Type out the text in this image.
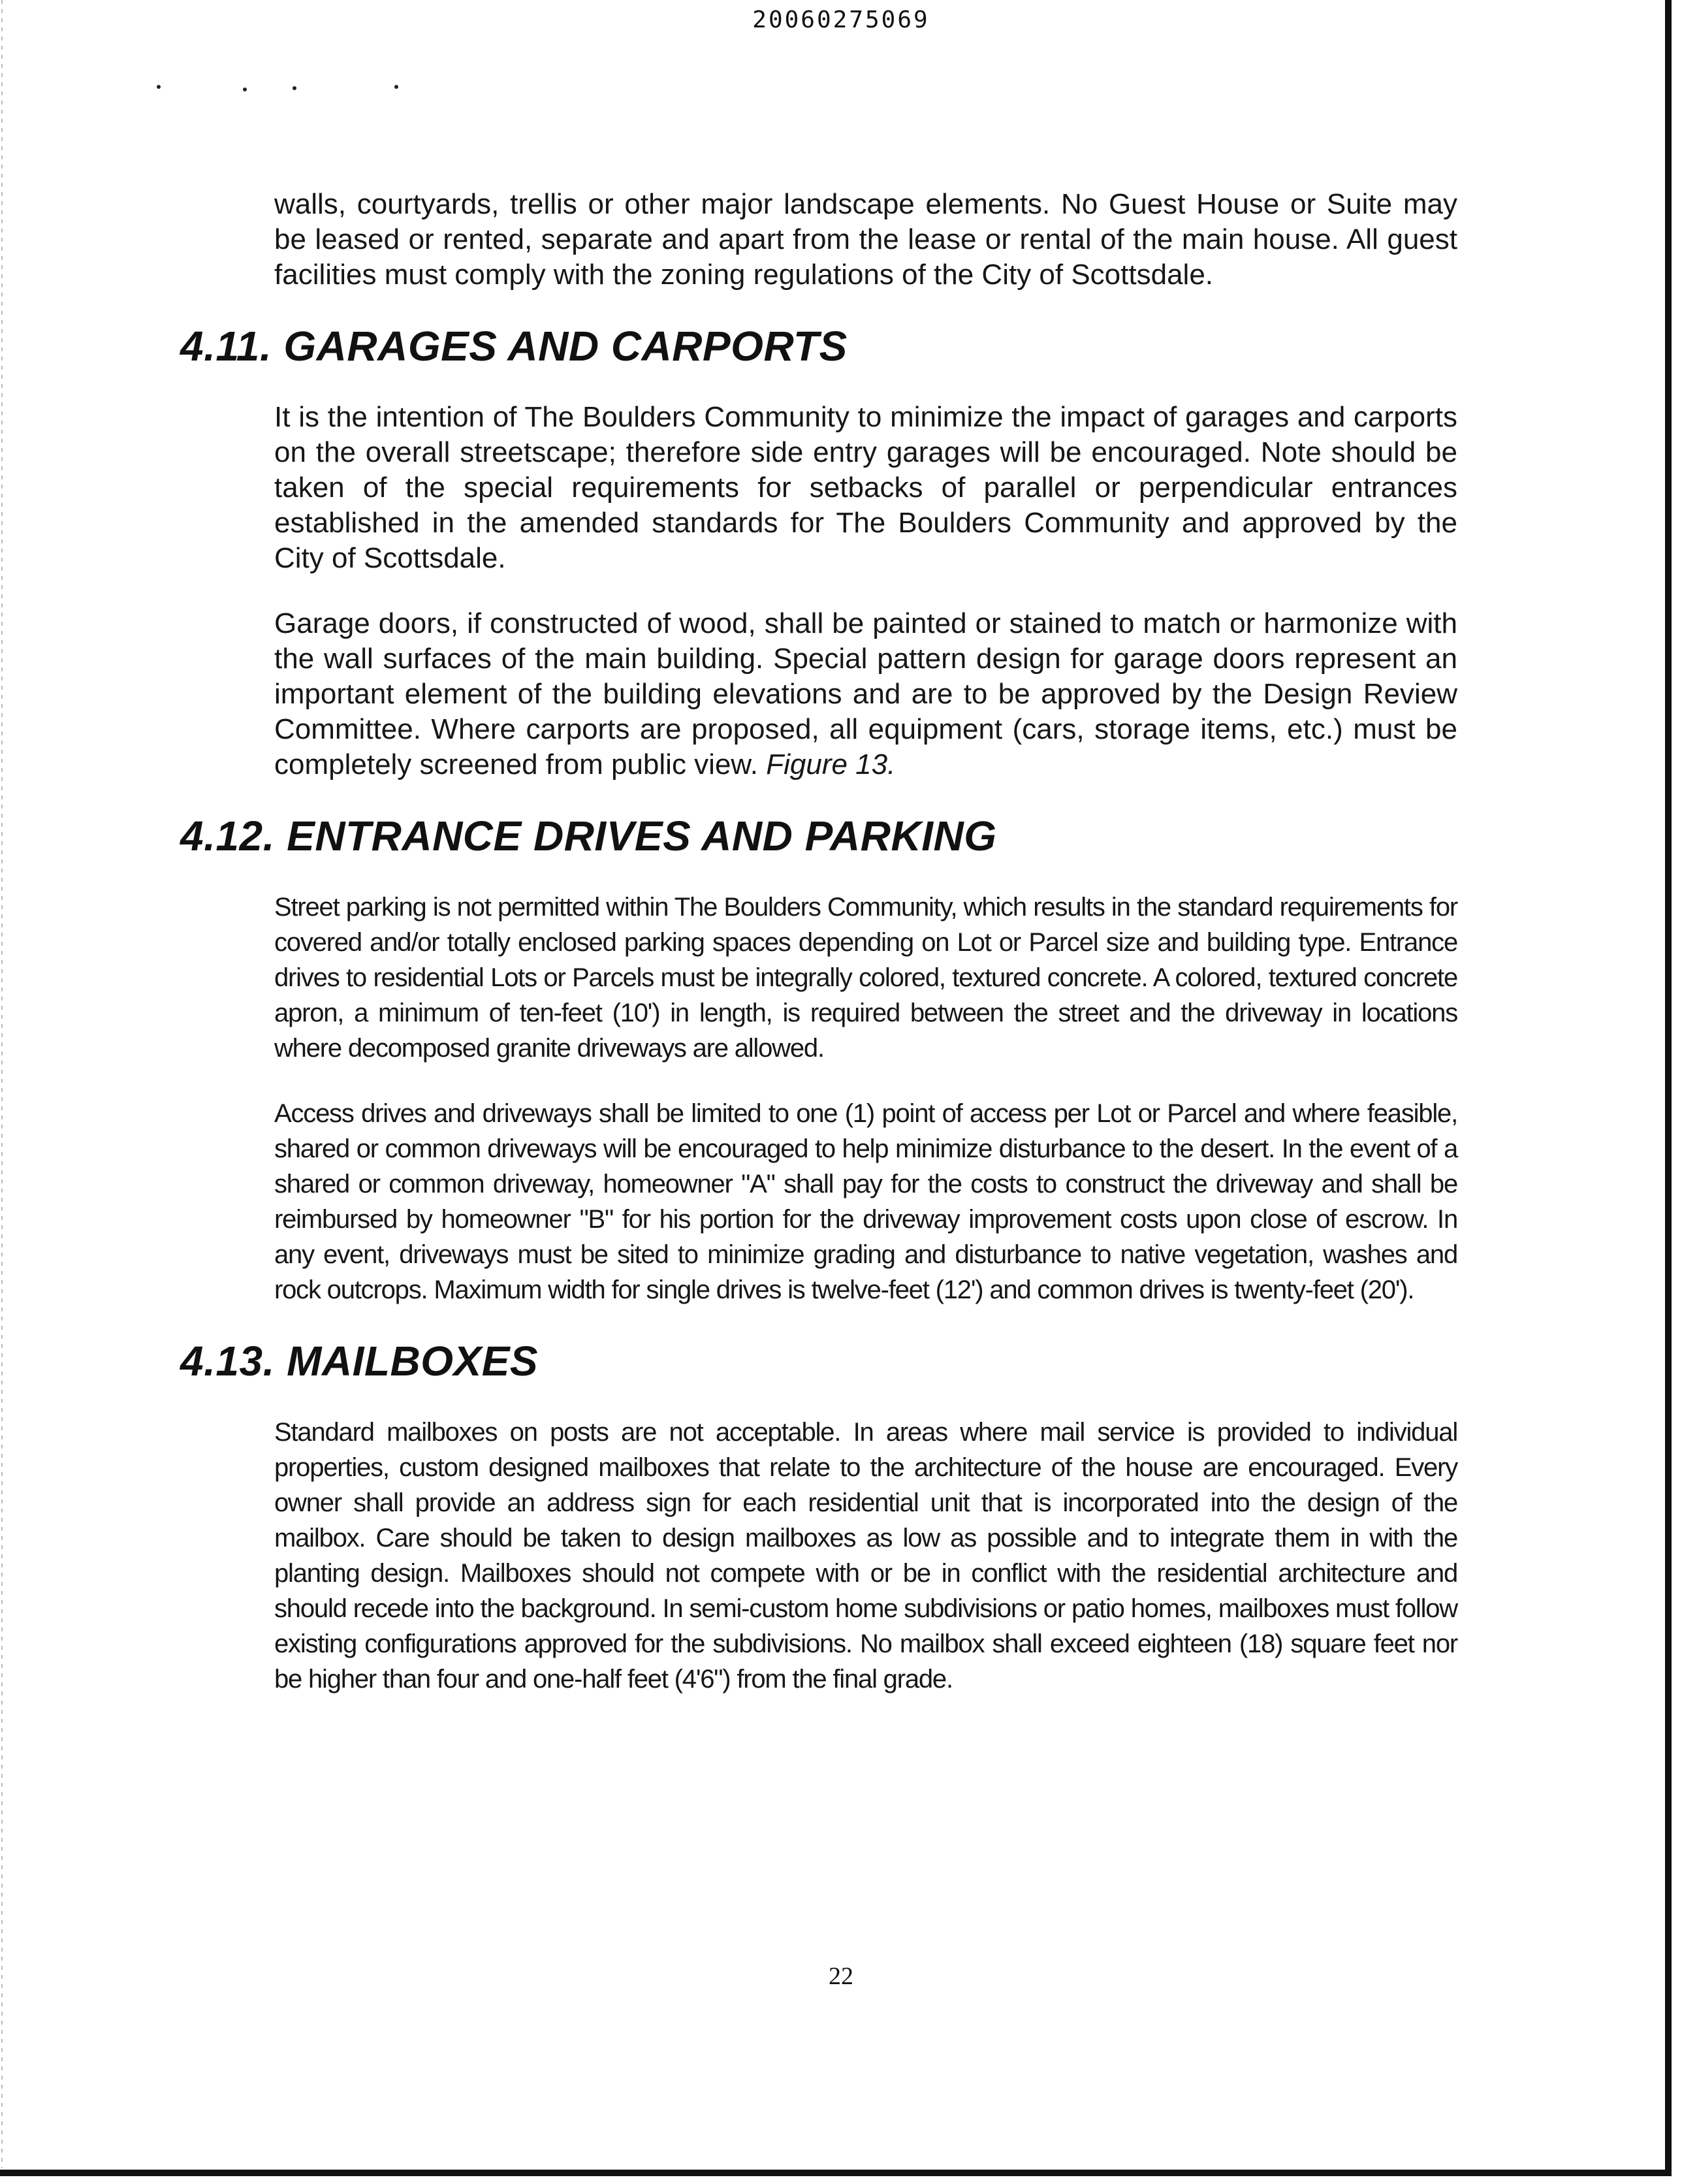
20060275069

walls, courtyards, trellis or other major landscape elements. No Guest House or Suite may be leased or rented, separate and apart from the lease or rental of the main house. All guest facilities must comply with the zoning regulations of the City of Scottsdale.

4.11. GARAGES AND CARPORTS

It is the intention of The Boulders Community to minimize the impact of garages and carports on the overall streetscape; therefore side entry garages will be encouraged. Note should be taken of the special requirements for setbacks of parallel or perpendicular entrances established in the amended standards for The Boulders Community and approved by the City of Scottsdale.

Garage doors, if constructed of wood, shall be painted or stained to match or harmonize with the wall surfaces of the main building. Special pattern design for garage doors represent an important element of the building elevations and are to be approved by the Design Review Committee. Where carports are proposed, all equipment (cars, storage items, etc.) must be completely screened from public view. Figure 13.

4.12. ENTRANCE DRIVES AND PARKING

Street parking is not permitted within The Boulders Community, which results in the standard requirements for covered and/or totally enclosed parking spaces depending on Lot or Parcel size and building type. Entrance drives to residential Lots or Parcels must be integrally colored, textured concrete. A colored, textured concrete apron, a minimum of ten-feet (10') in length, is required between the street and the driveway in locations where decomposed granite driveways are allowed.

Access drives and driveways shall be limited to one (1) point of access per Lot or Parcel and where feasible, shared or common driveways will be encouraged to help minimize disturbance to the desert. In the event of a shared or common driveway, homeowner "A" shall pay for the costs to construct the driveway and shall be reimbursed by homeowner "B" for his portion for the driveway improvement costs upon close of escrow. In any event, driveways must be sited to minimize grading and disturbance to native vegetation, washes and rock outcrops. Maximum width for single drives is twelve-feet (12') and common drives is twenty-feet (20').

4.13. MAILBOXES

Standard mailboxes on posts are not acceptable. In areas where mail service is provided to individual properties, custom designed mailboxes that relate to the architecture of the house are encouraged. Every owner shall provide an address sign for each residential unit that is incorporated into the design of the mailbox. Care should be taken to design mailboxes as low as possible and to integrate them in with the planting design. Mailboxes should not compete with or be in conflict with the residential architecture and should recede into the background. In semi-custom home subdivisions or patio homes, mailboxes must follow existing configurations approved for the subdivisions. No mailbox shall exceed eighteen (18) square feet nor be higher than four and one-half feet (4'6") from the final grade.

22
